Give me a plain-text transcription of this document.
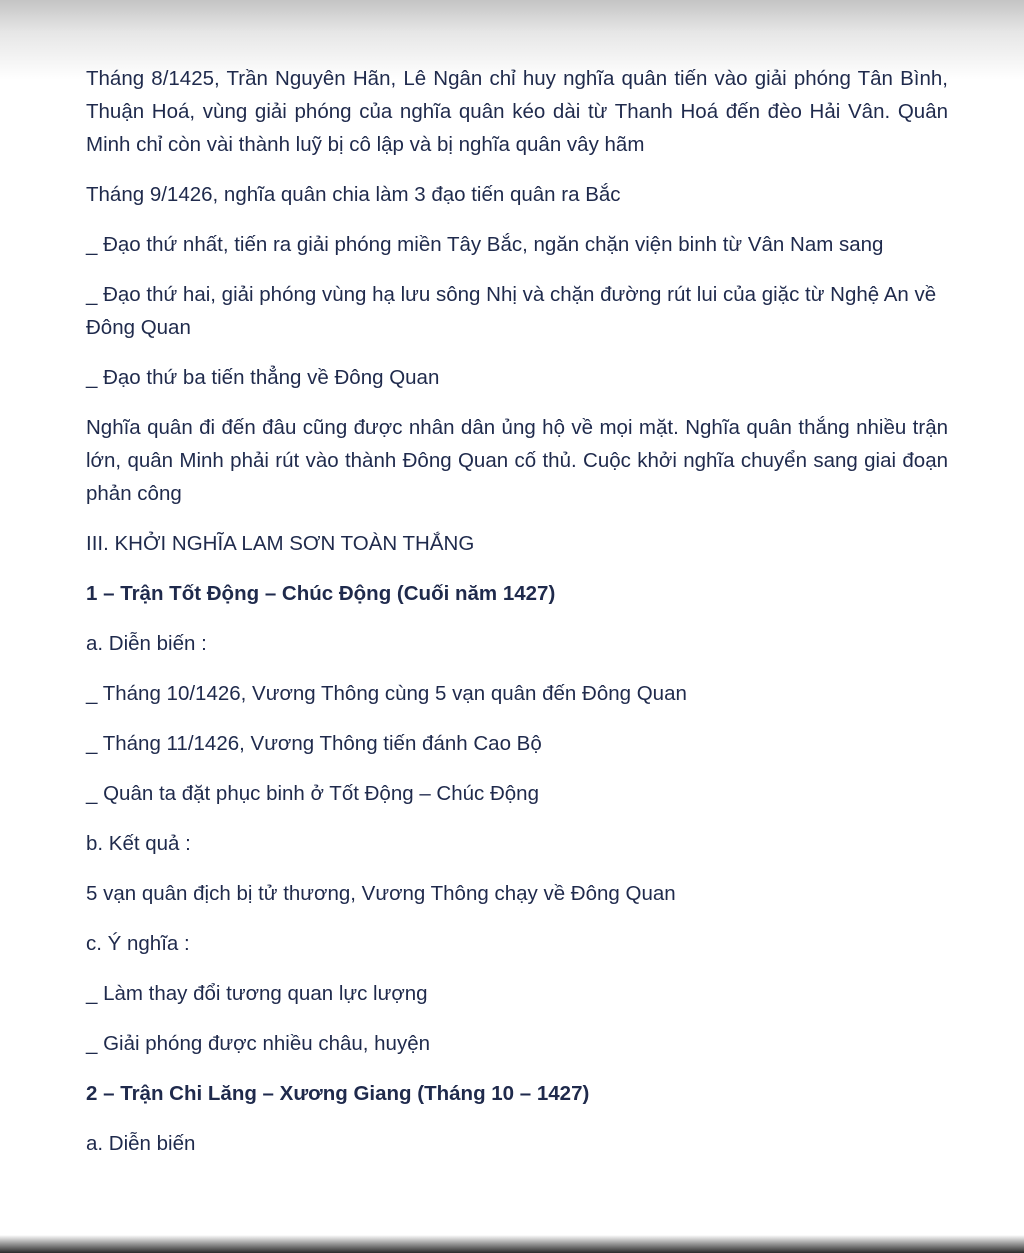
Tháng 8/1425, Trần Nguyên Hãn, Lê Ngân chỉ huy nghĩa quân tiến vào giải phóng Tân Bình, Thuận Hoá, vùng giải phóng của nghĩa quân kéo dài từ Thanh Hoá đến đèo Hải Vân. Quân Minh chỉ còn vài thành luỹ bị cô lập và bị nghĩa quân vây hãm

Tháng 9/1426, nghĩa quân chia làm 3 đạo tiến quân ra Bắc

_ Đạo thứ nhất, tiến ra giải phóng miền Tây Bắc, ngăn chặn viện binh từ Vân Nam sang

_ Đạo thứ hai, giải phóng vùng hạ lưu sông Nhị và chặn đường rút lui của giặc từ Nghệ An về Đông Quan

_ Đạo thứ ba tiến thẳng về Đông Quan

Nghĩa quân đi đến đâu cũng được nhân dân ủng hộ về mọi mặt. Nghĩa quân thắng nhiều trận lớn, quân Minh phải rút vào thành Đông Quan cố thủ. Cuộc khởi nghĩa chuyển sang giai đoạn phản công

III. KHỞI NGHĨA LAM SƠN TOÀN THẮNG

1 – Trận Tốt Động – Chúc Động (Cuối năm 1427)

a. Diễn biến :

_ Tháng 10/1426, Vương Thông cùng 5 vạn quân đến Đông Quan

_ Tháng 11/1426, Vương Thông tiến đánh Cao Bộ

_ Quân ta đặt phục binh ở Tốt Động – Chúc Động

b. Kết quả :

5 vạn quân địch bị tử thương, Vương Thông chạy về Đông Quan

c. Ý nghĩa :

_ Làm thay đổi tương quan lực lượng

_ Giải phóng được nhiều châu, huyện

2 – Trận Chi Lăng – Xương Giang (Tháng 10 – 1427)

a. Diễn biến
